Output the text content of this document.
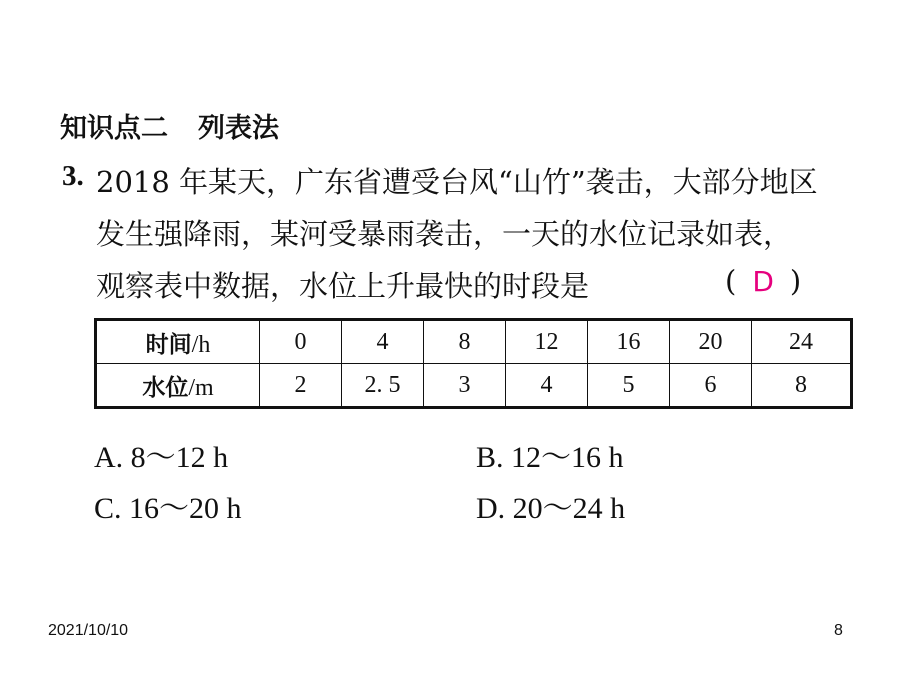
知识点二 列表法
3. 2018 年某天，广东省遭受台风“山竹”袭击，大部分地区
发生强降雨，某河受暴雨袭击，一天的水位记录如表，
观察表中数据，水位上升最快的时段是	( D )
时间/h	0	4	8	12	16	20	24
水位/m	2	2. 5	3	4	5	6	8
A. 8～12 h	B. 12～16 h
C. 16～20 h	D. 20～24 h
2021/10/10	8
